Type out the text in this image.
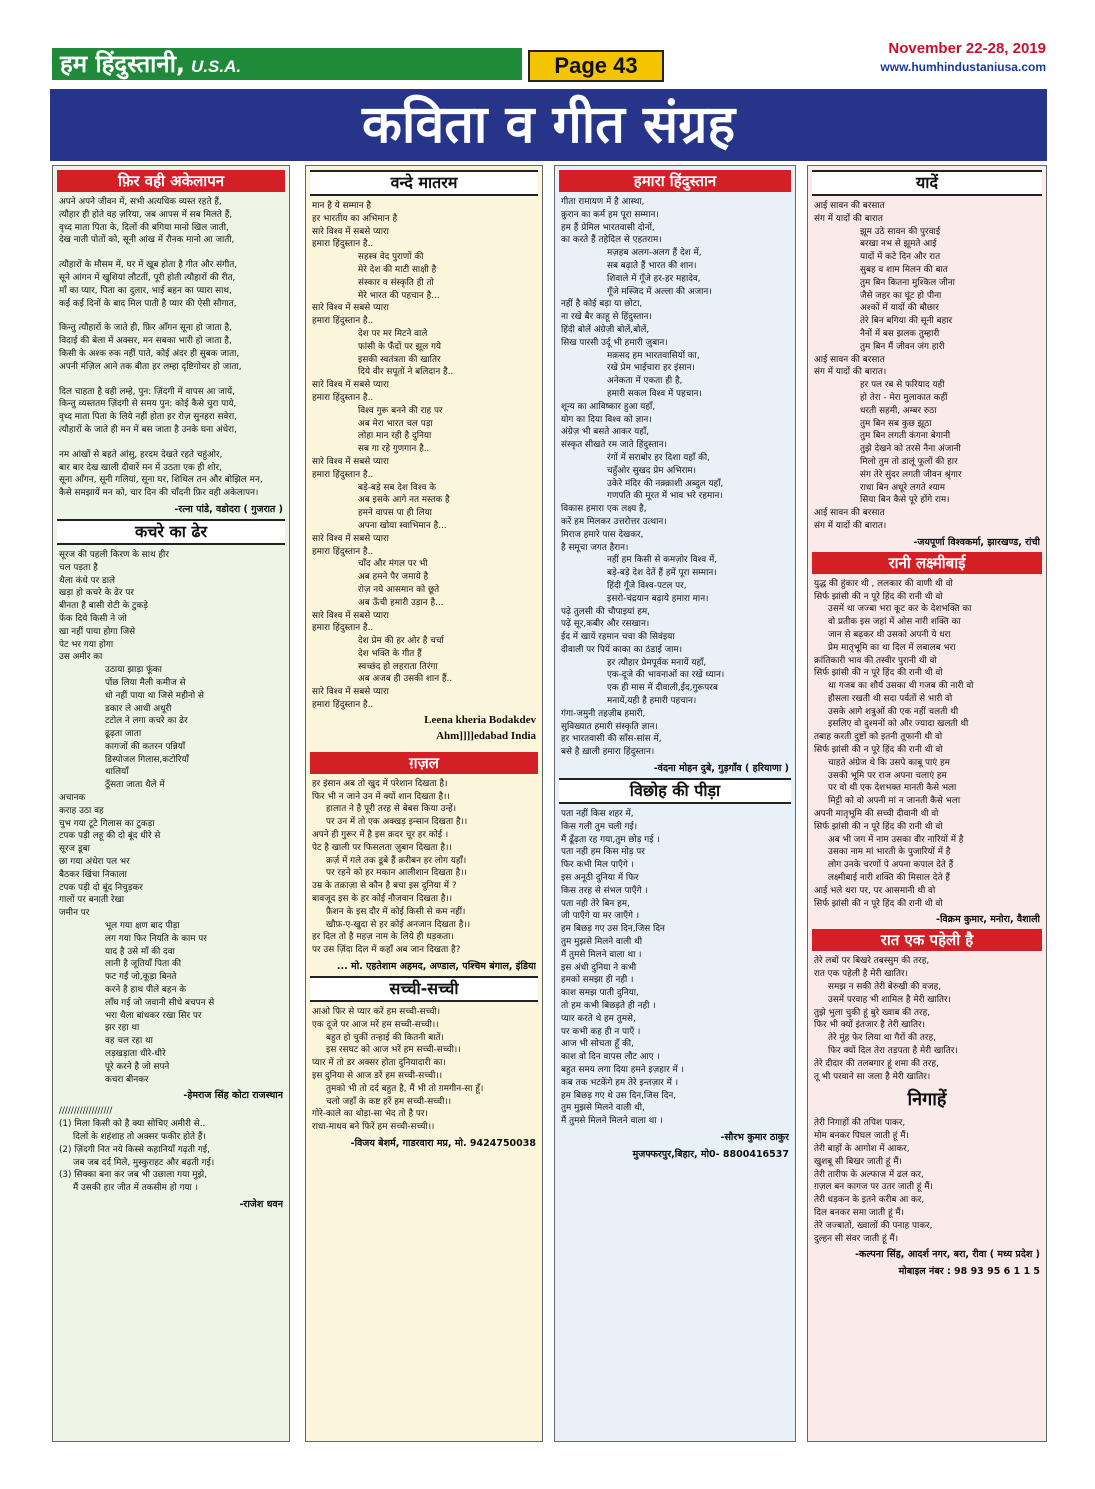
हम हिंदुस्तानी, U.S.A.	Page 43
November 22-28, 2019
www.humhindustaniusa.com
कविता व गीत संग्रह
फ़िर वही अकेलापन
अपने अपने जीवन में, सभी अत्यधिक व्यस्त रहते हैं,
त्यौहार ही होते वह ज़रिया, जब आपस में सब मिलते हैं,
वृध्द माता पिता के, दिलों की बगिया मानो खिल जाती,
देख नाती पोतों को, सूनी आंख में रौनक मानो आ जाती,
त्यौहारों के मौसम में, घर में खूब होता है गीत और संगीत,
सूने आंगन में खुशियां लौटतीं, पूरी होती त्यौहारों की रीत,
माँ का प्यार, पिता का दुलार, भाई बहन का प्यारा साथ,
कई कई दिनों के बाद मिल पाती है प्यार की ऐसी सौगात,
किन्तु त्यौहारों के जाते ही, फ़िर आँगन सूना हो जाता है,
विदाई की बेला में अक्सर, मन सबका भारी हो जाता है,
किसी के अश्क रुक नहीं पाते, कोई अंदर ही सुबक जाता,
अपनी मंज़िल आने तक बीता हर लम्हा दृष्टिगोचर हो जाता,
दिल चाहता है वही लम्हे, पुन: ज़िंदगी में वापस आ जायें,
किन्तु व्यस्ततम ज़िंदगी से समय पुन: कोई कैसे चुरा पाये,
वृध्द माता पिता के लिये नहीं होता हर रोज़ सुनहरा सवेरा,
त्यौहारों के जाते ही मन में बस जाता है उनके घना अंधेरा,
नम आंखों से बहते आंसु, हरदम देखते रहते चहुंओर,
बार बार देख खाली दीवारें मन में उठता एक ही शोर,
सूना आँगन, सूनी गलियां, सूना घर, शिथिल तन और बोझिल मन,
कैसे समझायें मन को, चार दिन की चाँदनी फ़िर वही अकेलापन।
-रत्ना पांडे, वडोदरा ( गुजरात )
कचरे का ढेर
सूरज की पहली किरण के साथ हीर
चल पड़ता है
थैला कंधे पर डाले
खड़ा हो कचरे के ढेर पर
बीनता है बासी रोटी के टुकड़े
फेंक दिये किसी ने जो
खा नहीं पाया होगा जिसे
पेट भर गया होगा
उस अमीर का
उठाया झाड़ा फूंका
पोंछ लिया मैली कमीज से
धो नहीं पाया था जिसे महीनो से
डकार ले आधी अधूरी
टटोल ने लगा कचरे का ढेर
ढूढ़ता जाता
कागजों की कतरन पन्नियाँ
डिस्पोजल गिलास,कटोरियाँ
थालियाँ
ठूँसता जाता थैले में
अचानक
कराह उठा वह
चुभ गया टूटे गिलास का टुकड़ा
टपक पड़ी लहू की दो बूंद धीरे से
सूरज डूबा
छा गया अंधेरा पल भर
बैठकर खिंचा निकाला
टपक पड़ी दो बूंद निचुड़कर
गालों पर बनाती रेखा
जमीन पर
भूल गया क्षण बाद पीड़ा
लग गया फिर नियति के काम पर
याद है उसे माँ की दवा
लानी है जूतियाँ पिता की
फट गईं जो,कूड़ा बिनते
करने है हाथ पीले बहन के
लाँघ गई जो जवानी सीधे बचपन से
भरा थैला बांधकर रखा सिर पर
झर रहा था
वह चल रहा था
लड़खड़ाता धीरे-धीरे
पूरे करने है जो सपने
कचरा बीनकर
-हेमराज सिंह कोटा राजस्थान
//////////////////
(1) मिला किसी को है क्या सोचिए अमीरी से..
दिलों के शहंशाह तो अक्सर फकीर होते हैं।
(2) ज़िंदगी नित नये किस्से कहानियाँ गढ़ती गई,
जब जब दर्द मिले, मुस्कुराहट और बढ़ती गई।
(3) सिक्का बना कर जब भी उछाला गया मुझे,
मैं उसकी हार जीत में तकसीम हो गया ।
-राजेश धवन
वन्दे मातरम
मान है ये सम्मान है
हर भारतीय का अभिमान है
सारे विश्व में सबसे प्यारा
हमारा हिंदुस्तान है..
सहस्त्र वेद पुराणों की
मेरे देश की माटी साक्षी है
संस्कार व संस्कृति ही तो
मेरे भारत की पहचान है...
सारे विश्व में सबसे प्यारा
हमारा हिंदुस्तान है..
देश पर मर मिटने वाले
फांसी के फंँदों पर झूल गये
इसकी स्वतंत्रता की खातिर
दिये वीर सपूतों ने बलिदान है..
सारे विश्व में सबसे प्यारा
हमारा हिंदुस्तान है..
विश्व गुरू बनने की राह पर
अब मेरा भारत चल पड़ा
लोहा मान रही है दुनिया
सब गा रहे गुणगान है..
सारे विश्व में सबसे प्यारा
हमारा हिंदुस्तान है..
बड़े-बड़े सब देश विश्व के
अब इसके आगे नत मस्तक है
हमने वापस पा ही लिया
अपना खोया स्वाभिमान है...
सारे विश्व में सबसे प्यारा
हमारा हिंदुस्तान है..
चाँद और मंगल पर भी
अब हमने पैर जमाये है
रोज़ नये आसमान को छूते
अब ऊँची हमारी उड़ान है...
सारे विश्व में सबसे प्यारा
हमारा हिंदुस्तान है..
देश प्रेम की हर ओर है चर्चा
देश भक्ति के गीत हैं
स्वच्छंद हो लहराता तिरंगा
अब अजब ही उसकी शान हैं..
सारे विश्व में सबसे प्यारा
हमारा हिंदुस्तान है..
Leena kheria Bodakdev
Ahm]]]]edabad India
ग़ज़ल
हर इंसान अब तो खुद में परेशान दिखता है।
फिर भी न जाने उन में क्यों शान दिखता है।।
हालात ने है पूरी तरह से बेबस किया उन्हें।
पर उन में तो एक अक्खड़ इन्सान दिखता है।।
अपने ही गुरूर में है इस क़दर चूर हर कोई ।
पेट है खाली पर फिसलता ज़ुबान दिखता है।।
क़र्ज़ में गले तक डूबे हैं क़रीबन हर लोग यहाँ।
पर रहने को हर मकान आलीशान दिखता है।।
उम्र के तक़ाज़ा से कौन है बचा इस दुनिया में ?
बावजूद इस के हर कोई नौजवान दिखता है।।
फ़ैशन के इस दौर में कोई किसी से कम नहीं।
खौफ़-ए-खुदा से हर कोई अनजान दिखता है।।
हर दिल तो है महज़ नाम के लिये ही धड़कता।
पर उस ज़िंदा दिल में कहाँ अब जान दिखता है?
... मो. एहतेशाम अहमद, अण्डाल, पश्चिम बंगाल, इंडिया
सच्ची-सच्ची
आओ फिर से प्यार करें हम सच्ची-सच्ची।
एक दूजे पर आज मरें हम सच्ची-सच्ची।।
बहुत हो चुकीं तन्हाई की कितनी बातें।
इस रसघट को आज भरें हम सच्ची-सच्ची।।
प्यार में तो डर अक्सर होता दुनियादारी का।
इस दुनिया से आज डरें हम सच्ची-सच्ची।।
तुमको भी तो दर्द बहुत है, मैं भी तो ग़मगीन-सा हूँ।
चलो जहाँ के कष्ट हरें हम सच्ची-सच्ची।।
गोरे-काले का थोड़ा-सा भेद तो है पर।
राधा-माधव बने फिरें हम सच्ची-सच्ची।।
-विजय बेशर्म, गाडरवारा मप्र, मो. 9424750038
हमारा हिंदुस्तान
गीता रामायण में है आस्था,
क़ुरान का कर्म हम पूरा सम्मान।
हम हैं प्रेमिल भारतवासी दोनों,
का करते हैं तहेदिल से एहतराम।
मज़हब अलग-अलग हैं देश में,
सब बढ़ाते हैं भारत की शान।
शिवाले में गूँजे हर-हर महादेव,
गूँजे मस्जिद में अल्ला की अजान।
नहीं है कोई बड़ा या छोटा,
ना रखे बैर काहू से हिंदुस्तान।
हिंदी बोलें अंग्रेज़ी बोलें,बोलें,
सिख पारसी उर्दू भी हमारी ज़ुबान।
मक़सद हम भारतवासियों का,
रखे प्रेम भाईचारा हर इंसान।
अनेकता में एकता ही है,
हमारी सकल विश्व में पहचान।
शून्य का आविष्कार हुआ यहाँ,
योग का दिया विश्व को ज्ञान।
अंग्रेज़ भी बसते आकर यहाँ,
संस्कृत सीखते रम जाते हिंदुस्तान।
रंगों में सराबोर हर दिशा यहाँ की,
चहुँओर सुखद प्रेम अभिराम।
उकेरे मंदिर की नक़्क़ाशी अब्दुल यहाँ,
गणपति की मूरत में भाव भरे रहमान।
विकास हमारा एक लक्ष्य है,
करें हम मिलकर उत्तरोत्तर उत्थान।
मिराज हमारे पास देखकर,
है समूचा जगत हैरान।
नहीं हम किसी से कमज़ोर विश्व में,
बड़े-बड़े देश देतें हैं हमें पूरा सम्मान।
हिंदी गूँजे विश्व-पटल पर,
इसरो-चंद्रयान बढ़ाये हमारा मान।
पढ़े तुलसी की चौपाइयां हम,
पढ़ें सूर,कबीर और रसखान।
ईद में खायें रहमान चचा की सिवंइया
दीवाली पर पियें काका का ठंडाई जाम।
हर त्यौहार प्रेमपूर्वक मनायें यहाँ,
एक-दूजे की भावनाओं का रखें ध्यान।
एक ही मास में दीवाली,ईद,गुरूपरब
मनायें,यही है हमारी पहचान।
गंगा-जमुनी तहज़ीब हमारी,
सुविख्यात हमारी संस्कृति ज्ञान।
हर भारतवासी की साँस-सांस में,
बसे है ख़ाली हमारा हिंदुस्तान।
-वंदना मोहन दुबे, गुड़गाँव ( हरियाणा )
विछोह की पीड़ा
पता नहीं किस शहर में,
किस गली तुम चली गई।
मैं ढूँढ़ता रह गया,तुम छोड़ गई ।
पता नही हम किस मोड़ पर
फिर कभी मिल पाएँगे ।
इस अनूठी दुनिया में फिर
किस तरह से संभल पाएँगे ।
पता नही तेरे बिन हम,
जी पाएँगे या मर जाएँगे ।
हम बिछड़ गए उस दिन,जिस दिन
तुम मुझसे मिलने वाली थी
मैं तुमसे मिलने वाला था ।
इस अंधी दुनिया ने कभी
हमको समझा ही नही ।
काश समझ पाती दुनिया,
तो हम कभी बिछड़ते ही नही ।
प्यार करते थे हम तुमसे,
पर कभी कह ही न पाएँ ।
आज भी सोचता हूँ की,
काश वो दिन वापस लौट आए ।
बहुत समय लगा दिया हमने इज़हार में ।
कब तक भटकेंगे हम तेरे इन्तज़ार में ।
हम बिछड़ गए थे उस दिन,जिस दिन,
तुम मुझसे मिलने वाली थी,
मैं तुमसे मिलने मिलने वाला था ।
-सौरभ कुमार ठाकुर
मुजफ्फरपुर,बिहार, मो0- 8800416537
यादें
आई सावन की बरसात
संग में यादों की बारात
झूम उठे सावन की पुरवाई
बरखा नभ से झूमते आई
यादों में कटे दिन और रात
सुबह व शाम मिलन की बात
तुम बिन कितना मुश्किल जीना
जैसे जहर का घूंट हो पीना
अश्कों में यादों की बौछार
तेरे बिन बगिया की सूनी बहार
नैनों में बस झलक तुम्हारी
तुम बिन मैं जीवन जंग हारी
आई सावन की बरसात
संग में यादों की बारात।
हर पल रब से फरियाद यही
हो तेरा - मेरा मुलाकात कहीं
धरती सहमी, अम्बर रुठा
तुम बिन सब कुछ झूठा
तुम बिन लगती कंगना बेगानी
तुझे देखने को तरसे नैना अंजानी
मिलो तुम तो डालूं फूलों की हार
संग तेरे सुंदर लगती जीवन श्रृंगार
राधा बिन अधूरे लगते श्याम
सिया बिन कैसे पूरे होंगे राम।
आई सावन की बरसात
संग में यादों की बारात।
-जयपूर्णा विश्वकर्मा, झारखण्ड, रांची
रानी लक्ष्मीबाई
युद्ध की हुंकार थी , ललकार की वाणी थी वो
सिर्फ झांसी की न पूरे हिंद की रानी थी वो
उसमें था जज्बा भरा कूट कर के देशभक्ति का
वो प्रतीक इस जहां में ओस नारी शक्ति का
जान से बढ़कर थी उसको अपनी ये धरा
प्रेम मातृभूमि का था दिल में लबालब भरा
क्रांतिकारी भाव की तस्वीर पुरानी थी वो
सिर्फ झांसी की न पूरे हिंद की रानी थी वो
था गजब का शौर्य उसका थी गजब की नारी वो
हौसला रखती थी सदा पर्वतों से भारी वो
उसके आगे शत्रुओं की एक नहीं चलती थी
इसलिए वो दुश्मनों को और ज्यादा खलती थी
तबाह करती दुष्टों को इतनी तूफानी थी वो
सिर्फ झांसी की न पूरे हिंद की रानी थी वो
चाहते अंग्रेज थे कि उसपे काबू पाएं हम
उसकी भूमि पर राज अपना चलाएं हम
पर वो थी एक देशभक्त मानती कैसे भला
मिट्टी को वो अपनी मां न जानती कैसे भला
अपनी मातृभूमि की सच्ची दीवानी थी वो
सिर्फ झांसी की न पूरे हिंद की रानी थी वो
अब भी जग में नाम उसका वीर नारियों में है
उसका नाम मां भारती के पुजारियों में है
लोग उनके चरणों पे अपना कपाल देते हैं
लक्ष्मीबाई नारी शक्ति की मिसाल देते हैं
आई भले थरा पर, पर आसमानी थी वो
सिर्फ झांसी की न पूरे हिंद की रानी थी वो
-विक्रम कुमार, मनोरा, वैशाली
रात एक पहेली है
तेरे लबों पर बिखरे तबस्सुम की तरह,
रात एक पहेली है मेरी खातिर।
समझ न सकी तेरी बेरुखी की वजह,
उसमें परवाह भी शामिल है मेरी खातिर।
तुझे भुला चुकी हूं बुरे ख्वाब की तरह,
फिर भी क्यों इंतजार है तेरी खातिर।
तेरे मुंह फेर लिया था गैरों की तरह,
फिर क्यों दिल तेरा तड़पता है मेरी खातिर।
तेरे दीदार की तलबगार हूं शमा की तरह,
तू भी परवाने सा जला है मेरी खातिर।
निगाहें
तेरी निगाहों की तपिश पाकर,
मोम बनकर पिघल जाती हूं मैं।
तेरी बाहों के आगोश में आकर,
खुशबू सी बिखर जाती हूं मैं।
तेरी तारीफ के अल्फाज में ढल कर,
ग़ज़ल बन कागज पर उतर जाती हूं मैं।
तेरी धड़कन के इतने करीब आ कर,
दिल बनकर समा जाती हूं मैं।
तेरे जज्बातों, ख्वालों की पनाह पाकर,
दुल्हन सी संवर जाती हूं मैं।
-कल्पना सिंह, आदर्श नगर, बरा, रीवा ( मध्य प्रदेश )
मोबाइल नंबर : 98 93 95 6 1 1 5
